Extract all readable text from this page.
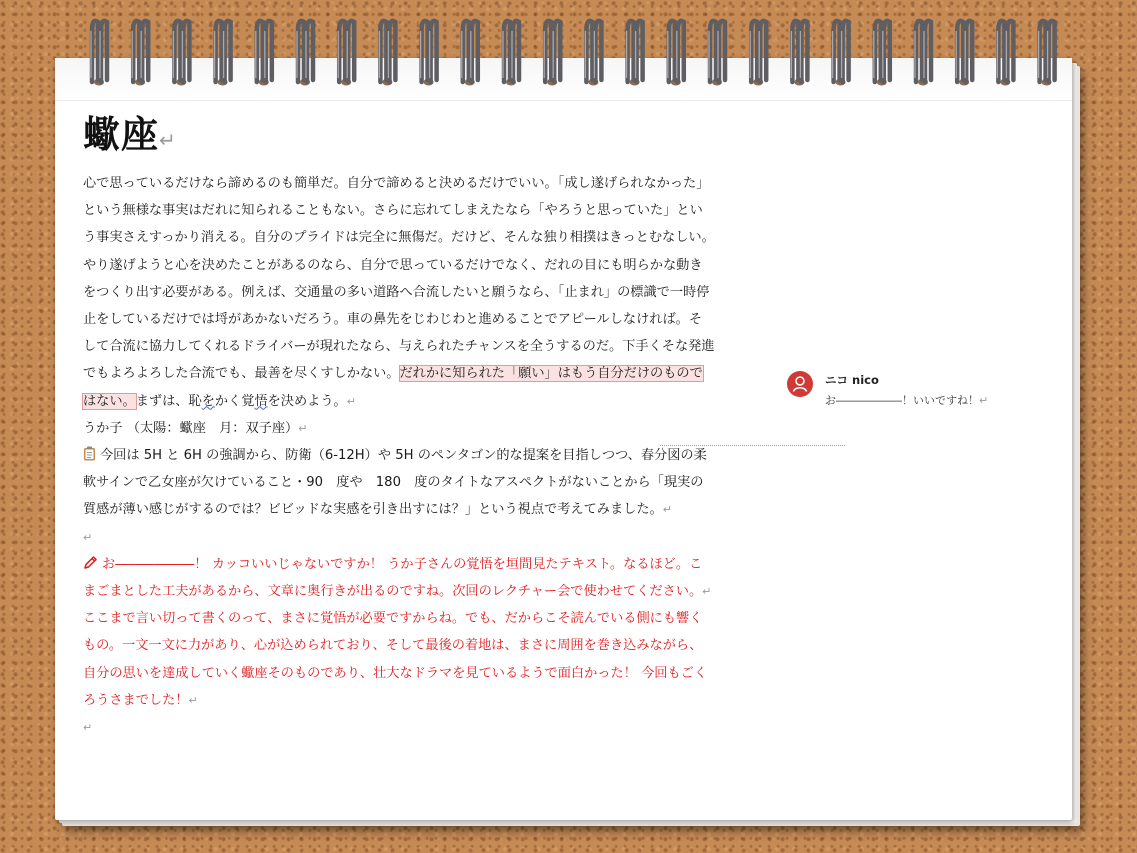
蠍座↵

心で思っているだけなら諦めるのも簡単だ。自分で諦めると決めるだけでいい。「成し遂げられなかった」という無様な事実はだれに知られることもない。さらに忘れてしまえたなら「やろうと思っていた」という事実さえすっかり消える。自分のプライドは完全に無傷だ。だけど、そんな独り相撲はきっとむなしい。やり遂げようと心を決めたことがあるのなら、自分で思っているだけでなく、だれの目にも明らかな動きをつくり出す必要がある。例えば、交通量の多い道路へ合流したいと願うなら、「止まれ」の標識で一時停止をしているだけでは埒があかないだろう。車の鼻先をじわじわと進めることでアピールしなければ。そして合流に協力してくれるドライバーが現れたなら、与えられたチャンスを全うするのだ。下手くそな発進でもよろよろした合流でも、最善を尽くすしかない。だれかに知られた「願い」はもう自分だけのものではない。まずは、恥をかく覚悟を決めよう。↵

うか子 （太陽：蠍座　月：双子座）↵

今回は 5H と 6H の強調から、防衛（6-12H）や 5H のペンタゴン的な提案を目指しつつ、春分図の柔軟サインで乙女座が欠けていること・90　度や　180　度のタイトなアスペクトがないことから「現実の質感が薄い感じがするのでは？ビビッドな実感を引き出すには？」という視点で考えてみました。↵

↵

お――――――！ カッコいいじゃないですか！ うか子さんの覚悟を垣間見たテキスト。なるほど。こまごまとした工夫があるから、文章に奥行きが出るのですね。次回のレクチャー会で使わせてください。↵

ここまで言い切って書くのって、まさに覚悟が必要ですからね。でも、だからこそ読んでいる側にも響くもの。一文一文に力があり、心が込められており、そして最後の着地は、まさに周囲を巻き込みながら、自分の思いを達成していく蠍座そのものであり、壮大なドラマを見ているようで面白かった！ 今回もごくろうさまでした！↵

↵

ニコ nico
お――――――！いいですね！↵
